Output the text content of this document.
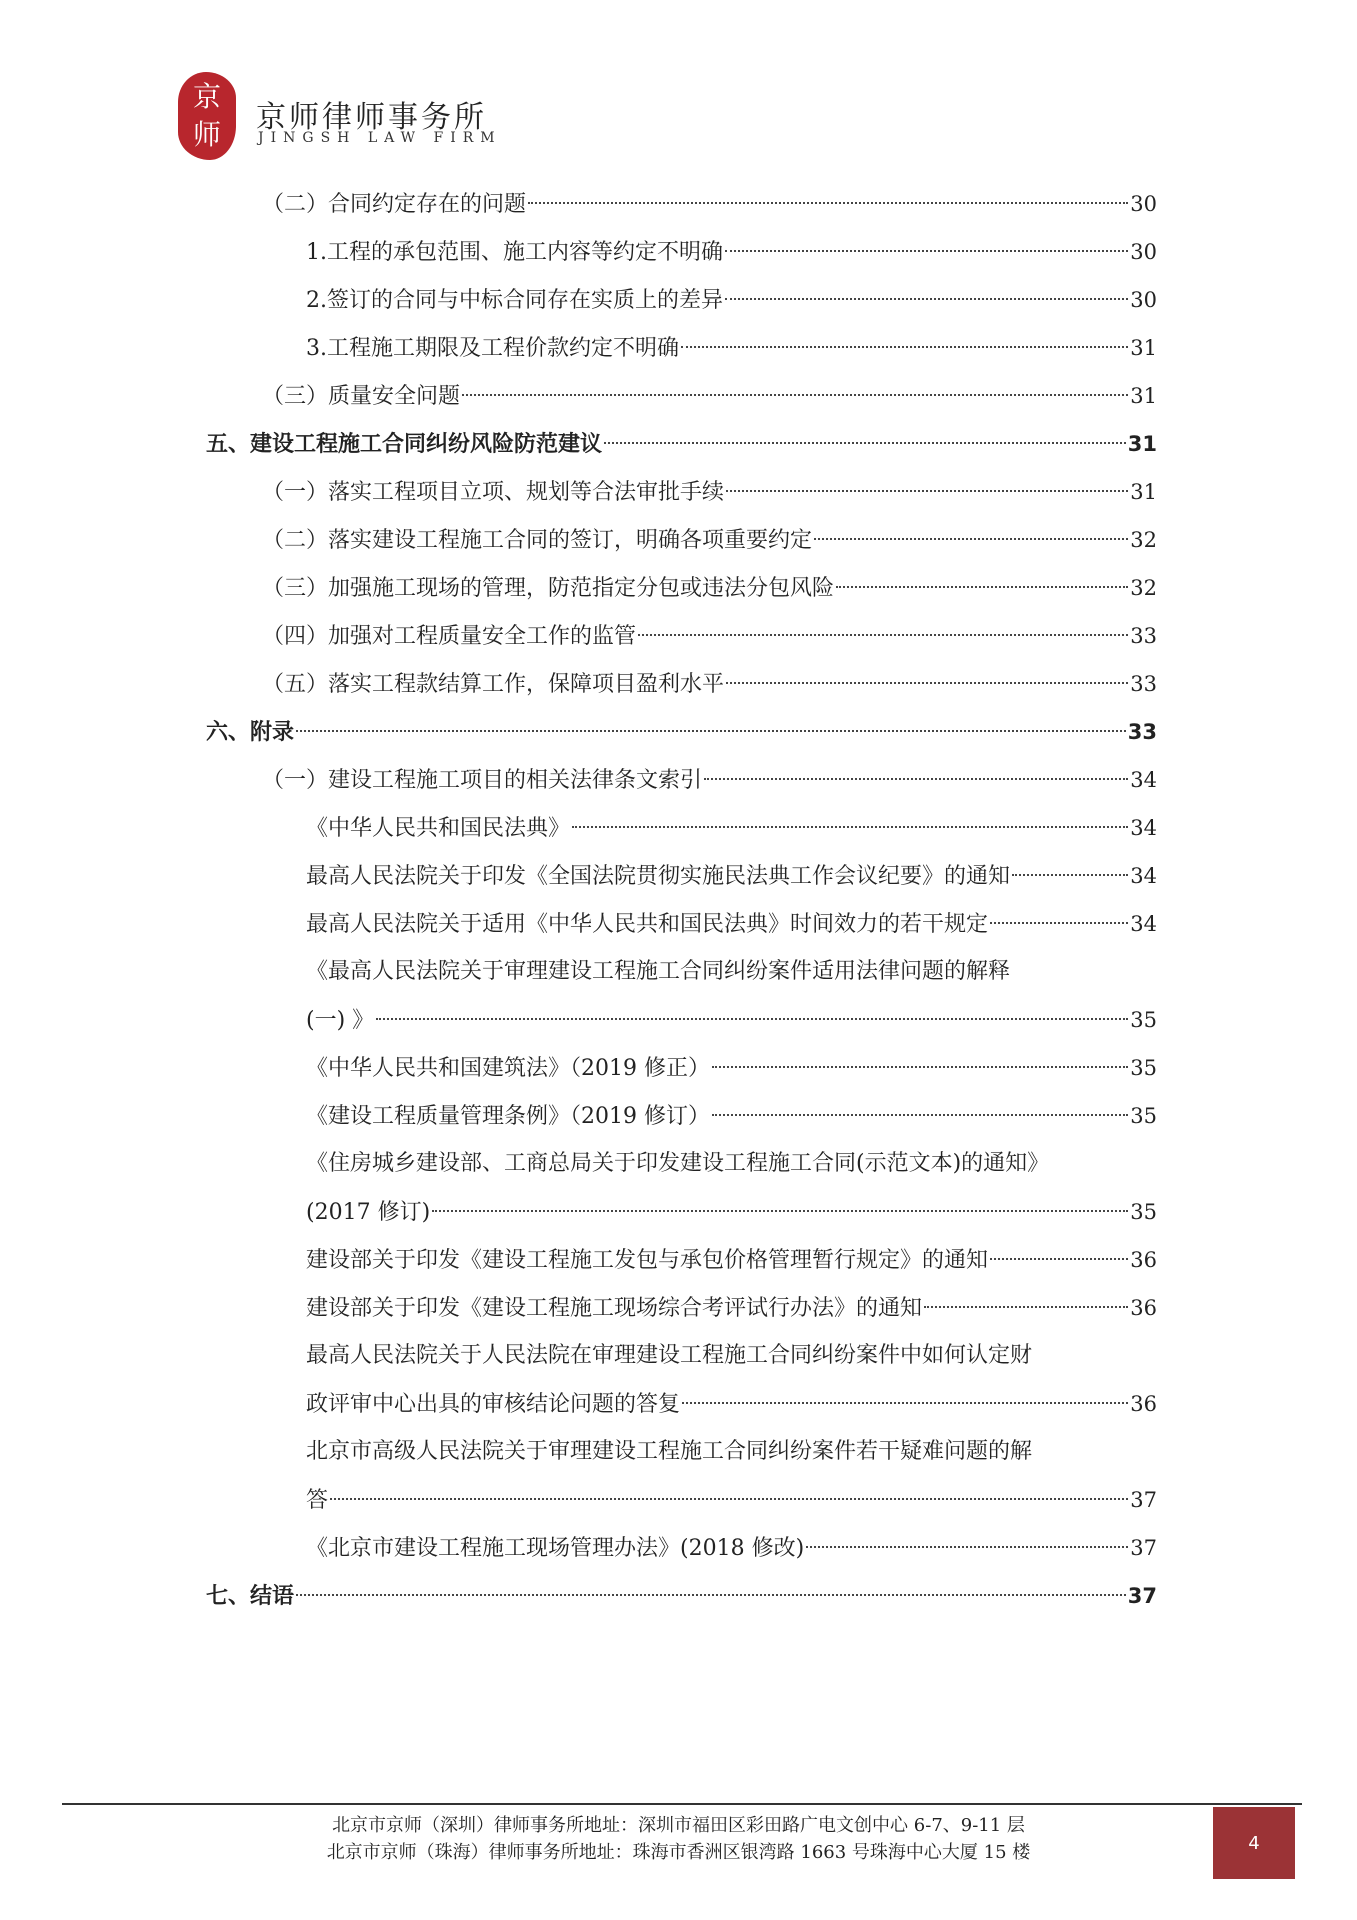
京
师	京师律师事务所
JINGSH LAW FIRM
（二）合同约定存在的问题	30
1.工程的承包范围、施工内容等约定不明确	30
2.签订的合同与中标合同存在实质上的差异	30
3.工程施工期限及工程价款约定不明确	31
（三）质量安全问题	31
五、建设工程施工合同纠纷风险防范建议	31
（一）落实工程项目立项、规划等合法审批手续	31
（二）落实建设工程施工合同的签订，明确各项重要约定	32
（三）加强施工现场的管理，防范指定分包或违法分包风险	32
（四）加强对工程质量安全工作的监管	33
（五）落实工程款结算工作，保障项目盈利水平	33
六、附录	33
（一）建设工程施工项目的相关法律条文索引	34
《中华人民共和国民法典》	34
最高人民法院关于印发《全国法院贯彻实施民法典工作会议纪要》的通知	34
最高人民法院关于适用《中华人民共和国民法典》时间效力的若干规定	34
《最高人民法院关于审理建设工程施工合同纠纷案件适用法律问题的解释
(一) 》	35
《中华人民共和国建筑法》（2019 修正）	35
《建设工程质量管理条例》（2019 修订）	35
《住房城乡建设部、工商总局关于印发建设工程施工合同(示范文本)的通知》
(2017 修订)	35
建设部关于印发《建设工程施工发包与承包价格管理暂行规定》的通知	36
建设部关于印发《建设工程施工现场综合考评试行办法》的通知	36
最高人民法院关于人民法院在审理建设工程施工合同纠纷案件中如何认定财
政评审中心出具的审核结论问题的答复	36
北京市高级人民法院关于审理建设工程施工合同纠纷案件若干疑难问题的解
答	37
《北京市建设工程施工现场管理办法》(2018 修改)	37
七、结语	37
北京市京师（深圳）律师事务所地址：深圳市福田区彩田路广电文创中心 6-7、9-11 层
北京市京师（珠海）律师事务所地址：珠海市香洲区银湾路 1663 号珠海中心大厦 15 楼	4
